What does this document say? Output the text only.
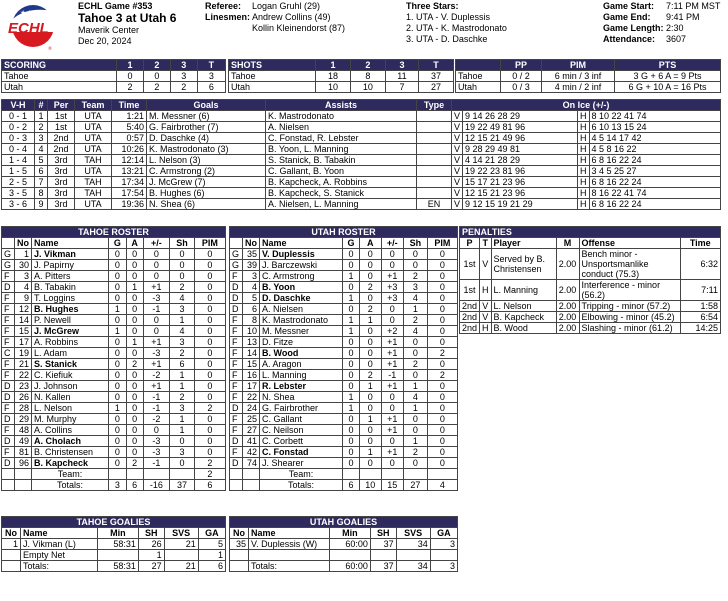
★★★
ECHL
®
ECHL Game #353
Tahoe 3 at Utah 6
Maverik Center
Dec 20, 2024
Referee: Logan Gruhl (29)
Linesmen: Andrew Collins (49)
Kollin Kleinendorst (87)
Three Stars:
1. UTA - V. Duplessis
2. UTA - K. Mastrodonato
3. UTA - D. Daschke
Game Start: 7:11 PM MST
Game End: 9:41 PM
Game Length: 2:30
Attendance: 3607
SCORING	1	2	3	T
Tahoe	0	0	3	3
Utah	2	2	2	6
SHOTS	1	2	3	T
Tahoe	18	8	11	37
Utah	10	10	7	27
	PP	PIM	PTS
Tahoe	0 / 2	6 min / 3 inf	3 G + 6 A = 9 Pts
Utah	0 / 3	4 min / 2 inf	6 G + 10 A = 16 Pts
V-H	#	Per	Team	Time	Goals	Assists	Type	On Ice (+/-)			
0 - 1	1	1st	UTA	1:21	M. Messner (6)	K. Mastrodonato		V	9 14 26 28 29	H	8 10 22 41 74
0 - 2	2	1st	UTA	5:40	G. Fairbrother (7)	A. Nielsen		V	19 22 49 81 96	H	6 10 13 15 24
0 - 3	3	2nd	UTA	0:57	D. Daschke (4)	C. Fonstad, R. Lebster		V	12 15 21 49 96	H	4 5 14 17 42
0 - 4	4	2nd	UTA	10:26	K. Mastrodonato (3)	B. Yoon, L. Manning		V	9 28 29 49 81	H	4 5 8 16 22
1 - 4	5	3rd	TAH	12:14	L. Nelson (3)	S. Stanick, B. Tabakin		V	4 14 21 28 29	H	6 8 16 22 24
1 - 5	6	3rd	UTA	13:21	C. Armstrong (2)	C. Gallant, B. Yoon		V	19 22 23 81 96	H	3 4 5 25 27
2 - 5	7	3rd	TAH	17:34	J. McGrew (7)	B. Kapcheck, A. Robbins		V	15 17 21 23 96	H	6 8 16 22 24
3 - 5	8	3rd	TAH	17:54	B. Hughes (6)	B. Kapcheck, S. Stanick		V	12 15 21 23 96	H	8 16 22 41 74
3 - 6	9	3rd	UTA	19:36	N. Shea (6)	A. Nielsen, L. Manning	EN	V	9 12 15 19 21 29	H	6 8 16 22 24
TAHOE ROSTER							
	No	Name	G	A	+/-	Sh	PIM
G	1	J. Vikman	0	0	0	0	0
G	30	J. Papirny	0	0	0	0	0
F	3	A. Pitters	0	0	0	0	0
D	4	B. Tabakin	0	1	+1	2	0
F	9	T. Loggins	0	0	-3	4	0
F	12	B. Hughes	1	0	-1	3	0
F	14	P. Newell	0	0	0	1	0
F	15	J. McGrew	1	0	0	4	0
F	17	A. Robbins	0	1	+1	3	0
C	19	L. Adam	0	0	-3	2	0
F	21	S. Stanick	0	2	+1	6	0
F	22	C. Kiefiuk	0	0	-2	1	0
D	23	J. Johnson	0	0	+1	1	0
D	26	N. Kallen	0	0	-1	2	0
F	28	L. Nelson	1	0	-1	3	2
D	29	M. Murphy	0	0	-2	1	0
F	48	A. Collins	0	0	0	1	0
D	49	A. Cholach	0	0	-3	0	0
F	81	B. Christensen	0	0	-3	3	0
D	96	B. Kapcheck	0	2	-1	0	2
		Team:					2
		Totals:	3	6	-16	37	6
UTAH ROSTER							
	No	Name	G	A	+/-	Sh	PIM
G	35	V. Duplessis	0	0	0	0	0
G	39	J. Barczewski	0	0	0	0	0
F	3	C. Armstrong	1	0	+1	2	0
D	4	B. Yoon	0	2	+3	3	0
D	5	D. Daschke	1	0	+3	4	0
D	6	A. Nielsen	0	2	0	1	0
F	8	K. Mastrodonato	1	1	0	2	0
F	10	M. Messner	1	0	+2	4	0
F	13	D. Fitze	0	0	+1	0	0
F	14	B. Wood	0	0	+1	0	2
F	15	A. Aragon	0	0	+1	2	0
F	16	L. Manning	0	2	-1	0	2
F	17	R. Lebster	0	1	+1	1	0
F	22	N. Shea	1	0	0	4	0
D	24	G. Fairbrother	1	0	0	1	0
F	25	C. Gallant	0	1	+1	0	0
F	27	C. Neilson	0	0	+1	0	0
D	41	C. Corbett	0	0	0	1	0
F	42	C. Fonstad	0	1	+1	2	0
D	74	J. Shearer	0	0	0	0	0
		Team:					
		Totals:	6	10	15	27	4
PENALTIES					
P	T	Player	M	Offense	Time
1st	V	Served by B. Christensen	2.00	Bench minor - Unsportsmanlike conduct (75.3)	6:32
1st	H	L. Manning	2.00	Interference - minor (56.2)	7:11
2nd	V	L. Nelson	2.00	Tripping - minor (57.2)	1:58
2nd	V	B. Kapcheck	2.00	Elbowing - minor (45.2)	6:54
2nd	H	B. Wood	2.00	Slashing - minor (61.2)	14:25
TAHOE GOALIES					
No	Name	Min	SH	SVS	GA
1	J. Vikman (L)	58:31	26	21	5
	Empty Net		1		1
	Totals:	58:31	27	21	6
UTAH GOALIES					
No	Name	Min	SH	SVS	GA
35	V. Duplessis (W)	60:00	37	34	3

	Totals:	60:00	37	34	3
